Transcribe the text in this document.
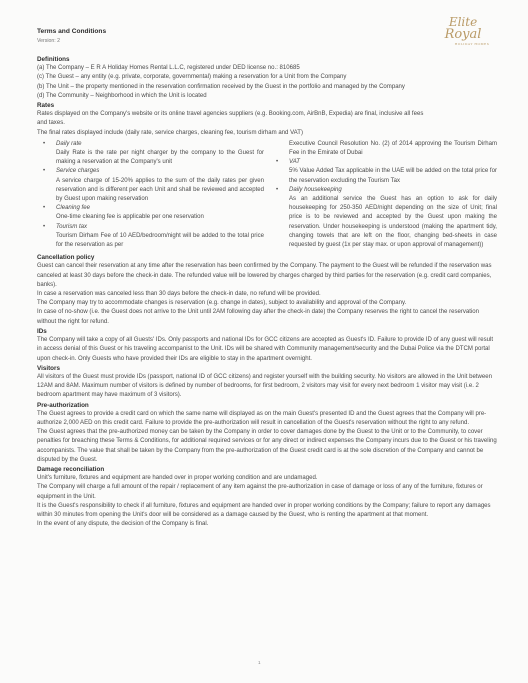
Terms and Conditions
Version: 2
Elite
Royal
HOLIDAY HOMES
Definitions

(a) The Company – E R A Holiday Homes Rental L.L.C, registered under DED license no.: 810685

(c) The Guest – any entity (e.g. private, corporate, governmental) making a reservation for a Unit from the Company

(b) The Unit – the property mentioned in the reservation confirmation received by the Guest in the portfolio and managed by the Company

(d) The Community – Neighborhood in which the Unit is located

Rates

Rates displayed on the Company's website or its online travel agencies suppliers (e.g. Booking.com, AirBnB, Expedia) are final, inclusive all fees

and taxes.

The final rates displayed include (daily rate, service charges, cleaning fee, tourism dirham and VAT)

• Daily rate
Daily Rate is the rate per night charger by the company to the Guest for making a reservation at the Company's unit
• Service charges
A service charge of 15-20% applies to the sum of the daily rates per given reservation and is different per each Unit and shall be reviewed and accepted by Guest upon making reservation
• Cleaning fee
One-time cleaning fee is applicable per one reservation
• Tourism tax
Tourism Dirham Fee of 10 AED/bedroom/night will be added to the total price for the reservation as per
Executive Council Resolution No. (2) of 2014 approving the Tourism Dirham Fee in the Emirate of Dubai
• VAT
5% Value Added Tax applicable in the UAE will be added on the total price for the reservation excluding the Tourism Tax
• Daily housekeeping
As an additional service the Guest has an option to ask for daily housekeeping for 250-350 AED/night depending on the size of Unit; final price is to be reviewed and accepted by the Guest upon making the reservation. Under housekeeping is understood (making the apartment tidy, changing towels that are left on the floor, changing bed-sheets in case requested by guest (1x per stay max. or upon approval of management))
Cancellation policy

Guest can cancel their reservation at any time after the reservation has been confirmed by the Company. The payment to the Guest will be refunded if the reservation was canceled at least 30 days before the check-in date. The refunded value will be lowered by charges charged by third parties for the reservation (e.g. credit card companies, banks).

In case a reservation was canceled less than 30 days before the check-in date, no refund will be provided.

The Company may try to accommodate changes is reservation (e.g. change in dates), subject to availability and approval of the Company.

In case of no-show (i.e. the Guest does not arrive to the Unit until 2AM following day after the check-in date) the Company reserves the right to cancel the reservation without the right for refund.

IDs

The Company will take a copy of all Guests' IDs. Only passports and national IDs for GCC citizens are accepted as Guest's ID. Failure to provide ID of any guest will result in access denial of this Guest or his traveling accompanist to the Unit. IDs will be shared with Community management/security and the Dubai Police via the DTCM portal upon check-in. Only Guests who have provided their IDs are eligible to stay in the apartment overnight.

Visitors

All visitors of the Guest must provide IDs (passport, national ID of GCC citizens) and register yourself with the building security. No visitors are allowed in the Unit between 12AM and 8AM. Maximum number of visitors is defined by number of bedrooms, for first bedroom, 2 visitors may visit for every next bedroom 1 visitor may visit (i.e. 2 bedroom apartment may have maximum of 3 visitors).

Pre-authorization

The Guest agrees to provide a credit card on which the same name will displayed as on the main Guest's presented ID and the Guest agrees that the Company will pre-authorize 2,000 AED on this credit card. Failure to provide the pre-authorization will result in cancellation of the Guest's reservation without the right to any refund.

The Guest agrees that the pre-authorized money can be taken by the Company in order to cover damages done by the Guest to the Unit or to the Community, to cover penalties for breaching these Terms & Conditions, for additional required services or for any direct or indirect expenses the Company incurs due to the Guest or his traveling accompanists. The value that shall be taken by the Company from the pre-authorization of the Guest credit card is at the sole discretion of the Company and cannot be disputed by the Guest.

Damage reconciliation

Unit's furniture, fixtures and equipment are handed over in proper working condition and are undamaged.

The Company will charge a full amount of the repair / replacement of any item against the pre-authorization in case of damage or loss of any of the furniture, fixtures or equipment in the Unit.

It is the Guest's responsibility to check if all furniture, fixtures and equipment are handed over in proper working conditions by the Company; failure to report any damages within 30 minutes from opening the Unit's door will be considered as a damage caused by the Guest, who is renting the apartment at that moment.

In the event of any dispute, the decision of the Company is final.

1
